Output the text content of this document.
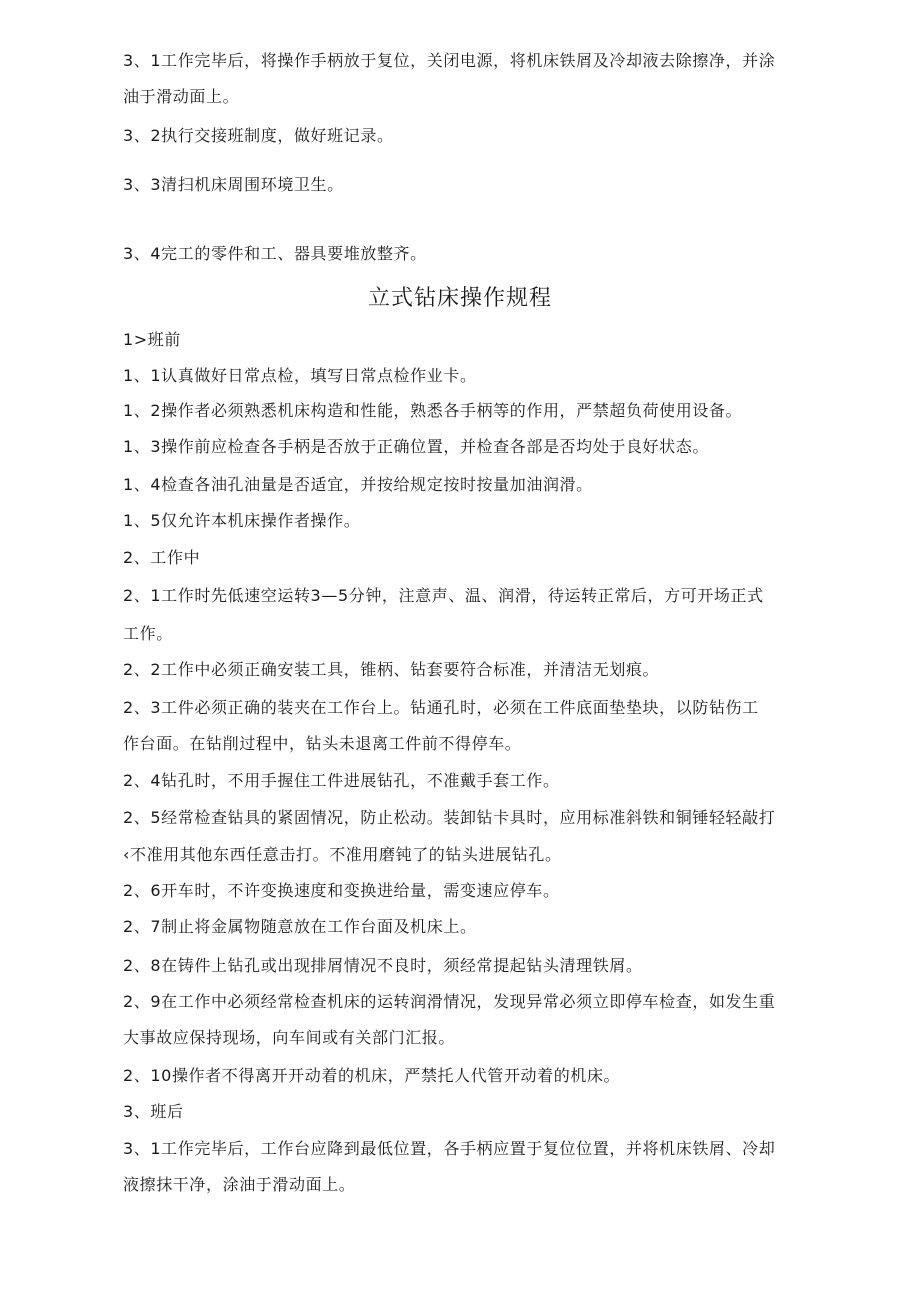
3、1工作完毕后，将操作手柄放于复位，关闭电源，将机床铁屑及冷却液去除擦净，并涂
油于滑动面上。
3、2执行交接班制度，做好班记录。
3、3清扫机床周围环境卫生。
3、4完工的零件和工、器具要堆放整齐。
立式钻床操作规程
1>班前
1、1认真做好日常点检，填写日常点检作业卡。
1、2操作者必须熟悉机床构造和性能，熟悉各手柄等的作用，严禁超负荷使用设备。
1、3操作前应检查各手柄是否放于正确位置，并检查各部是否均处于良好状态。
1、4检查各油孔油量是否适宜，并按给规定按时按量加油润滑。
1、5仅允许本机床操作者操作。
2、工作中
2、1工作时先低速空运转3—5分钟，注意声、温、润滑，待运转正常后，方可开场正式
工作。
2、2工作中必须正确安装工具，锥柄、钻套要符合标准，并清洁无划痕。
2、3工件必须正确的装夹在工作台上。钻通孔时，必须在工件底面垫垫块，以防钻伤工
作台面。在钻削过程中，钻头未退离工件前不得停车。
2、4钻孔时，不用手握住工件进展钻孔，不准戴手套工作。
2、5经常检查钻具的紧固情况，防止松动。装卸钻卡具时，应用标准斜铁和铜锤轻轻敲打
‹不准用其他东西任意击打。不准用磨钝了的钻头进展钻孔。
2、6开车时，不许变换速度和变换进给量，需变速应停车。
2、7制止将金属物随意放在工作台面及机床上。
2、8在铸件上钻孔或出现排屑情况不良时，须经常提起钻头清理铁屑。
2、9在工作中必须经常检查机床的运转润滑情况，发现异常必须立即停车检查，如发生重
大事故应保持现场，向车间或有关部门汇报。
2、10操作者不得离开开动着的机床，严禁托人代管开动着的机床。
3、班后
3、1工作完毕后，工作台应降到最低位置，各手柄应置于复位位置，并将机床铁屑、冷却
液擦抹干净，涂油于滑动面上。
